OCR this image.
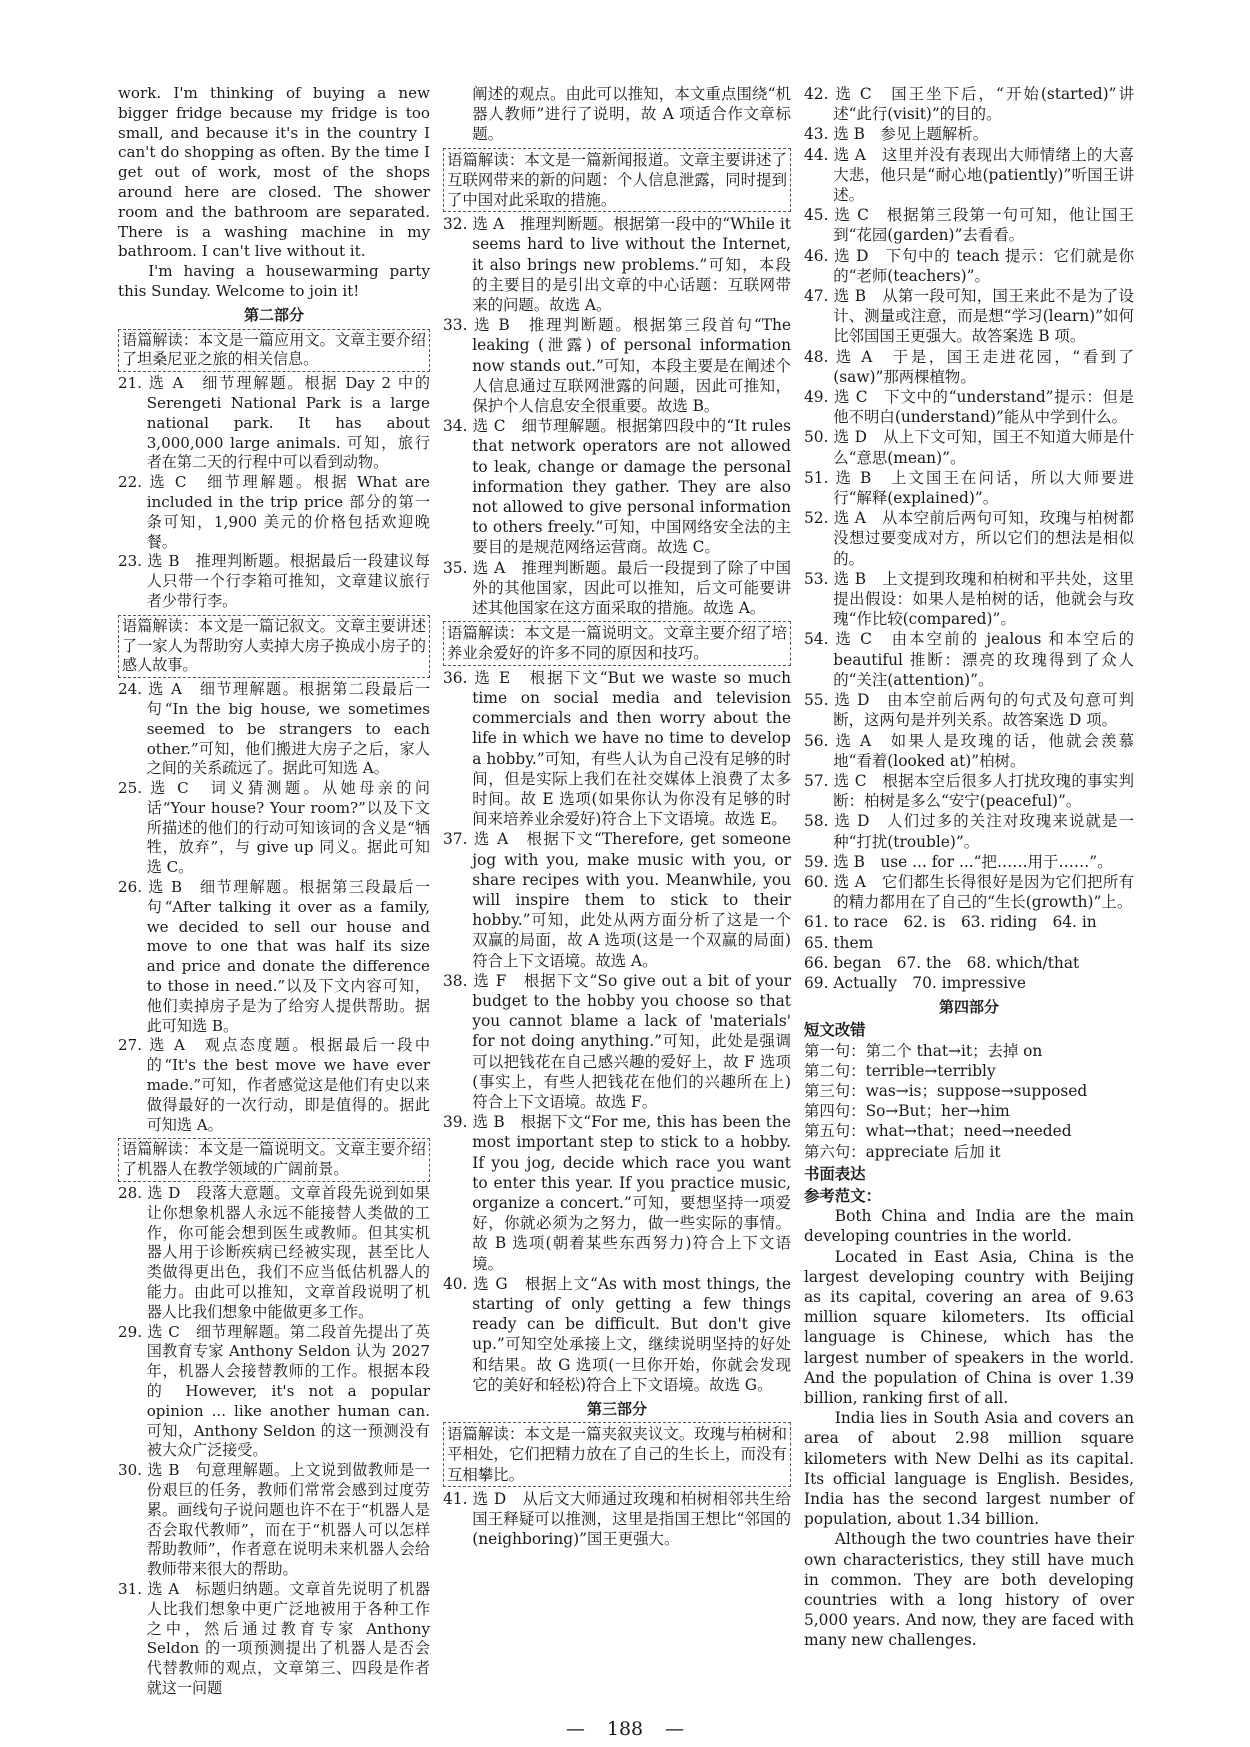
work. I'm thinking of buying a new bigger fridge because my fridge is too small, and because it's in the country I can't do shopping as often. By the time I get out of work, most of the shops around here are closed. The shower room and the bathroom are separated. There is a washing machine in my bathroom. I can't live without it.

I'm having a housewarming party this Sunday. Welcome to join it!

第二部分
语篇解读：本文是一篇应用文。文章主要介绍了坦桑尼亚之旅的相关信息。

21. 选 A　细节理解题。根据 Day 2 中的 Serengeti National Park is a large national park. It has about 3,000,000 large animals. 可知，旅行者在第二天的行程中可以看到动物。

22. 选 C　细节理解题。根据 What are included in the trip price 部分的第一条可知，1,900 美元的价格包括欢迎晚餐。

23. 选 B　推理判断题。根据最后一段建议每人只带一个行李箱可推知，文章建议旅行者少带行李。

语篇解读：本文是一篇记叙文。文章主要讲述了一家人为帮助穷人卖掉大房子换成小房子的感人故事。

24. 选 A　细节理解题。根据第二段最后一句“In the big house, we sometimes seemed to be strangers to each other.”可知，他们搬进大房子之后，家人之间的关系疏远了。据此可知选 A。

25. 选 C　词义猜测题。从她母亲的问话“Your house? Your room?”以及下文所描述的他们的行动可知该词的含义是“牺牲，放弃”，与 give up 同义。据此可知选 C。

26. 选 B　细节理解题。根据第三段最后一句“After talking it over as a family, we decided to sell our house and move to one that was half its size and price and donate the difference to those in need.”以及下文内容可知，他们卖掉房子是为了给穷人提供帮助。据此可知选 B。

27. 选 A　观点态度题。根据最后一段中的“It's the best move we have ever made.”可知，作者感觉这是他们有史以来做得最好的一次行动，即是值得的。据此可知选 A。

语篇解读：本文是一篇说明文。文章主要介绍了机器人在教学领域的广阔前景。

28. 选 D　段落大意题。文章首段先说到如果让你想象机器人永远不能接替人类做的工作，你可能会想到医生或教师。但其实机器人用于诊断疾病已经被实现，甚至比人类做得更出色，我们不应当低估机器人的能力。由此可以推知，文章首段说明了机器人比我们想象中能做更多工作。

29. 选 C　细节理解题。第二段首先提出了英国教育专家 Anthony Seldon 认为 2027 年，机器人会接替教师的工作。根据本段的 However, it's not a popular opinion ... like another human can. 可知，Anthony Seldon 的这一预测没有被大众广泛接受。

30. 选 B　句意理解题。上文说到做教师是一份艰巨的任务，教师们常常会感到过度劳累。画线句子说问题也许不在于“机器人是否会取代教师”，而在于“机器人可以怎样帮助教师”，作者意在说明未来机器人会给教师带来很大的帮助。

31. 选 A　标题归纳题。文章首先说明了机器人比我们想象中更广泛地被用于各种工作之中，然后通过教育专家 Anthony Seldon 的一项预测提出了机器人是否会代替教师的观点，文章第三、四段是作者就这一问题

阐述的观点。由此可以推知，本文重点围绕“机器人教师”进行了说明，故 A 项适合作文章标题。

语篇解读：本文是一篇新闻报道。文章主要讲述了互联网带来的新的问题：个人信息泄露，同时提到了中国对此采取的措施。

32. 选 A　推理判断题。根据第一段中的“While it seems hard to live without the Internet, it also brings new problems.”可知，本段的主要目的是引出文章的中心话题：互联网带来的问题。故选 A。

33. 选 B　推理判断题。根据第三段首句“The leaking (泄露) of personal information now stands out.”可知，本段主要是在阐述个人信息通过互联网泄露的问题，因此可推知，保护个人信息安全很重要。故选 B。

34. 选 C　细节理解题。根据第四段中的“It rules that network operators are not allowed to leak, change or damage the personal information they gather. They are also not allowed to give personal information to others freely.”可知，中国网络安全法的主要目的是规范网络运营商。故选 C。

35. 选 A　推理判断题。最后一段提到了除了中国外的其他国家，因此可以推知，后文可能要讲述其他国家在这方面采取的措施。故选 A。

语篇解读：本文是一篇说明文。文章主要介绍了培养业余爱好的许多不同的原因和技巧。

36. 选 E　根据下文“But we waste so much time on social media and television commercials and then worry about the life in which we have no time to develop a hobby.”可知，有些人认为自己没有足够的时间，但是实际上我们在社交媒体上浪费了太多时间。故 E 选项(如果你认为你没有足够的时间来培养业余爱好)符合上下文语境。故选 E。

37. 选 A　根据下文“Therefore, get someone jog with you, make music with you, or share recipes with you. Meanwhile, you will inspire them to stick to their hobby.”可知，此处从两方面分析了这是一个双赢的局面，故 A 选项(这是一个双赢的局面)符合上下文语境。故选 A。

38. 选 F　根据下文“So give out a bit of your budget to the hobby you choose so that you cannot blame a lack of 'materials' for not doing anything.”可知，此处是强调可以把钱花在自己感兴趣的爱好上，故 F 选项(事实上，有些人把钱花在他们的兴趣所在上)符合上下文语境。故选 F。

39. 选 B　根据下文“For me, this has been the most important step to stick to a hobby. If you jog, decide which race you want to enter this year. If you practice music, organize a concert.”可知，要想坚持一项爱好，你就必须为之努力，做一些实际的事情。故 B 选项(朝着某些东西努力)符合上下文语境。

40. 选 G　根据上文“As with most things, the starting of only getting a few things ready can be difficult. But don't give up.”可知空处承接上文，继续说明坚持的好处和结果。故 G 选项(一旦你开始，你就会发现它的美好和轻松)符合上下文语境。故选 G。

第三部分
语篇解读：本文是一篇夹叙夹议文。玫瑰与柏树和平相处，它们把精力放在了自己的生长上，而没有互相攀比。

41. 选 D　从后文大师通过玫瑰和柏树相邻共生给国王释疑可以推测，这里是指国王想比“邻国的(neighboring)”国王更强大。

42. 选 C　国王坐下后，“开始(started)”讲述“此行(visit)”的目的。

43. 选 B　参见上题解析。

44. 选 A　这里并没有表现出大师情绪上的大喜大悲，他只是“耐心地(patiently)”听国王讲述。

45. 选 C　根据第三段第一句可知，他让国王到“花园(garden)”去看看。

46. 选 D　下句中的 teach 提示：它们就是你的“老师(teachers)”。

47. 选 B　从第一段可知，国王来此不是为了设计、测量或注意，而是想“学习(learn)”如何比邻国国王更强大。故答案选 B 项。

48. 选 A　于是，国王走进花园，“看到了(saw)”那两棵植物。

49. 选 C　下文中的“understand”提示：但是他不明白(understand)”能从中学到什么。

50. 选 D　从上下文可知，国王不知道大师是什么“意思(mean)”。

51. 选 B　上文国王在问话，所以大师要进行“解释(explained)”。

52. 选 A　从本空前后两句可知，玫瑰与柏树都没想过要变成对方，所以它们的想法是相似的。

53. 选 B　上文提到玫瑰和柏树和平共处，这里提出假设：如果人是柏树的话，他就会与玫瑰“作比较(compared)”。

54. 选 C　由本空前的 jealous 和本空后的 beautiful 推断：漂亮的玫瑰得到了众人的“关注(attention)”。

55. 选 D　由本空前后两句的句式及句意可判断，这两句是并列关系。故答案选 D 项。

56. 选 A　如果人是玫瑰的话，他就会羡慕地“看着(looked at)”柏树。

57. 选 C　根据本空后很多人打扰玫瑰的事实判断：柏树是多么“安宁(peaceful)”。

58. 选 D　人们过多的关注对玫瑰来说就是一种“打扰(trouble)”。

59. 选 B　use ... for ...“把……用于……”。

60. 选 A　它们都生长得很好是因为它们把所有的精力都用在了自己的“生长(growth)”上。

61. to race　62. is　63. riding　64. in　65. them

66. began　67. the　68. which/that

69. Actually　70. impressive

第四部分
短文改错

第一句：第二个 that→it；去掉 on

第二句：terrible→terribly

第三句：was→is；suppose→supposed

第四句：So→But；her→him

第五句：what→that；need→needed

第六句：appreciate 后加 it

书面表达
参考范文：

Both China and India are the main developing countries in the world.

Located in East Asia, China is the largest developing country with Beijing as its capital, covering an area of 9.63 million square kilometers. Its official language is Chinese, which has the largest number of speakers in the world. And the population of China is over 1.39 billion, ranking first of all.

India lies in South Asia and covers an area of about 2.98 million square kilometers with New Delhi as its capital. Its official language is English. Besides, India has the second largest number of population, about 1.34 billion.

Although the two countries have their own characteristics, they still have much in common. They are both developing countries with a long history of over 5,000 years. And now, they are faced with many new challenges.

— 188 —
